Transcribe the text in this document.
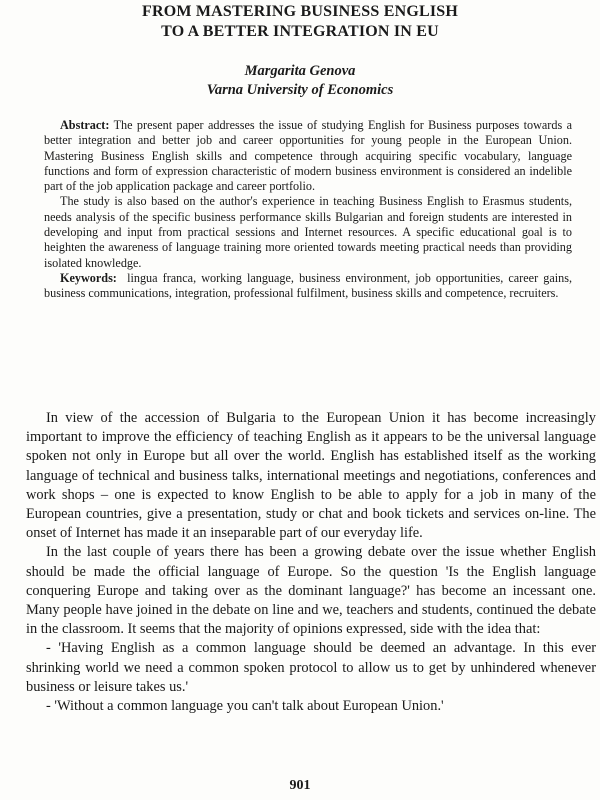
FROM MASTERING BUSINESS ENGLISH
TO A BETTER INTEGRATION IN EU

Margarita Genova

Varna University of Economics

Abstract: The present paper addresses the issue of studying English for Business purposes towards a better integration and better job and career opportunities for young people in the European Union. Mastering Business English skills and competence through acquiring specific vocabulary, language functions and form of expression characteristic of modern business environment is considered an indelible part of the job application package and career portfolio.

The study is also based on the author's experience in teaching Business English to Erasmus students, needs analysis of the specific business performance skills Bulgarian and foreign students are interested in developing and input from practical sessions and Internet resources. A specific educational goal is to heighten the awareness of language training more oriented towards meeting practical needs than providing isolated knowledge.

Keywords: lingua franca, working language, business environment, job opportunities, career gains, business communications, integration, professional fulfilment, business skills and competence, recruiters.

In view of the accession of Bulgaria to the European Union it has become increasingly important to improve the efficiency of teaching English as it appears to be the universal language spoken not only in Europe but all over the world. English has established itself as the working language of technical and business talks, international meetings and negotiations, conferences and work shops – one is expected to know English to be able to apply for a job in many of the European countries, give a presentation, study or chat and book tickets and services on-line. The onset of Internet has made it an inseparable part of our everyday life.

In the last couple of years there has been a growing debate over the issue whether English should be made the official language of Europe. So the question 'Is the English language conquering Europe and taking over as the dominant language?' has become an incessant one. Many people have joined in the debate on line and we, teachers and students, continued the debate in the classroom. It seems that the majority of opinions expressed, side with the idea that:

- 'Having English as a common language should be deemed an advantage. In this ever shrinking world we need a common spoken protocol to allow us to get by unhindered whenever business or leisure takes us.'

- 'Without a common language you can't talk about European Union.'

901
